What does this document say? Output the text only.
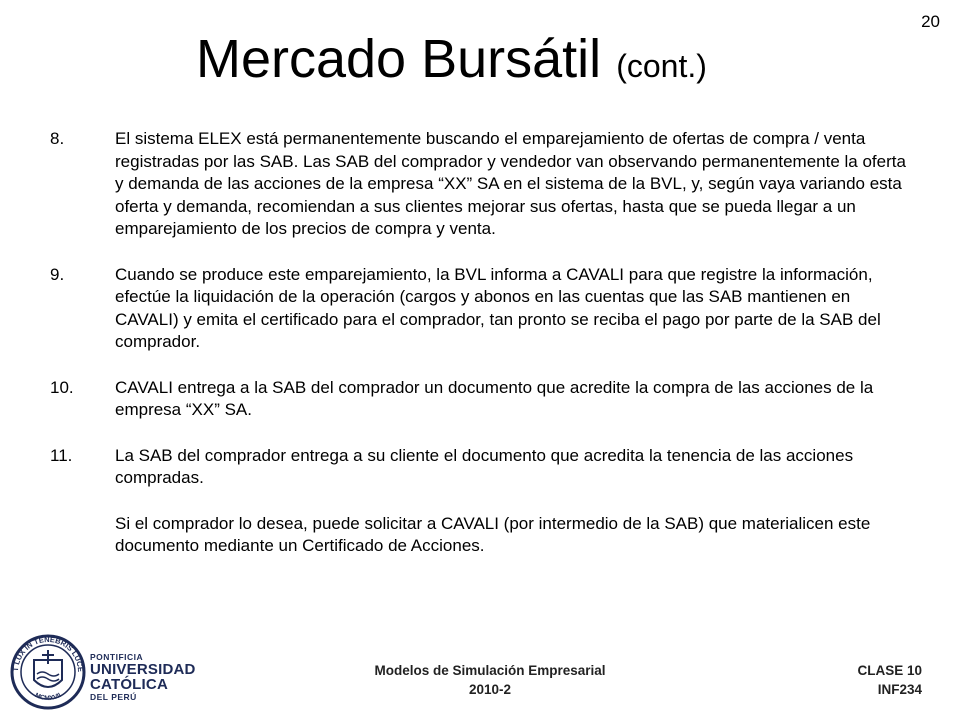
20
Mercado Bursátil (cont.)
8.	El sistema ELEX está permanentemente buscando el emparejamiento de ofertas de compra / venta registradas por las SAB. Las SAB del comprador y vendedor van observando permanentemente la oferta y demanda de las acciones de la empresa “XX” SA en el sistema de la BVL, y, según vaya variando esta oferta y demanda, recomiendan a sus clientes mejorar sus ofertas, hasta que se pueda llegar a un emparejamiento de los precios de compra y venta.
9.	Cuando se produce este emparejamiento, la BVL informa a CAVALI para que registre la información, efectúe la liquidación de la operación (cargos y abonos en las cuentas que las SAB mantienen en CAVALI) y emita el certificado para el comprador, tan pronto se reciba el pago por parte de la SAB del comprador.
10.	CAVALI entrega a la SAB del comprador un documento que acredite la compra de las acciones de la empresa “XX” SA.
11.	La SAB del comprador entrega a su cliente el documento que acredita la tenencia de las acciones compradas.
Si el comprador lo desea, puede solicitar a CAVALI (por intermedio de la SAB) que materialicen este documento mediante un Certificado de Acciones.
T LUX IN TENEBRIS LUCE
MCMXVII
PONTIFICIA
UNIVERSIDAD
CATÓLICA
DEL PERÚ
Modelos de Simulación Empresarial
2010-2
CLASE 10
INF234
